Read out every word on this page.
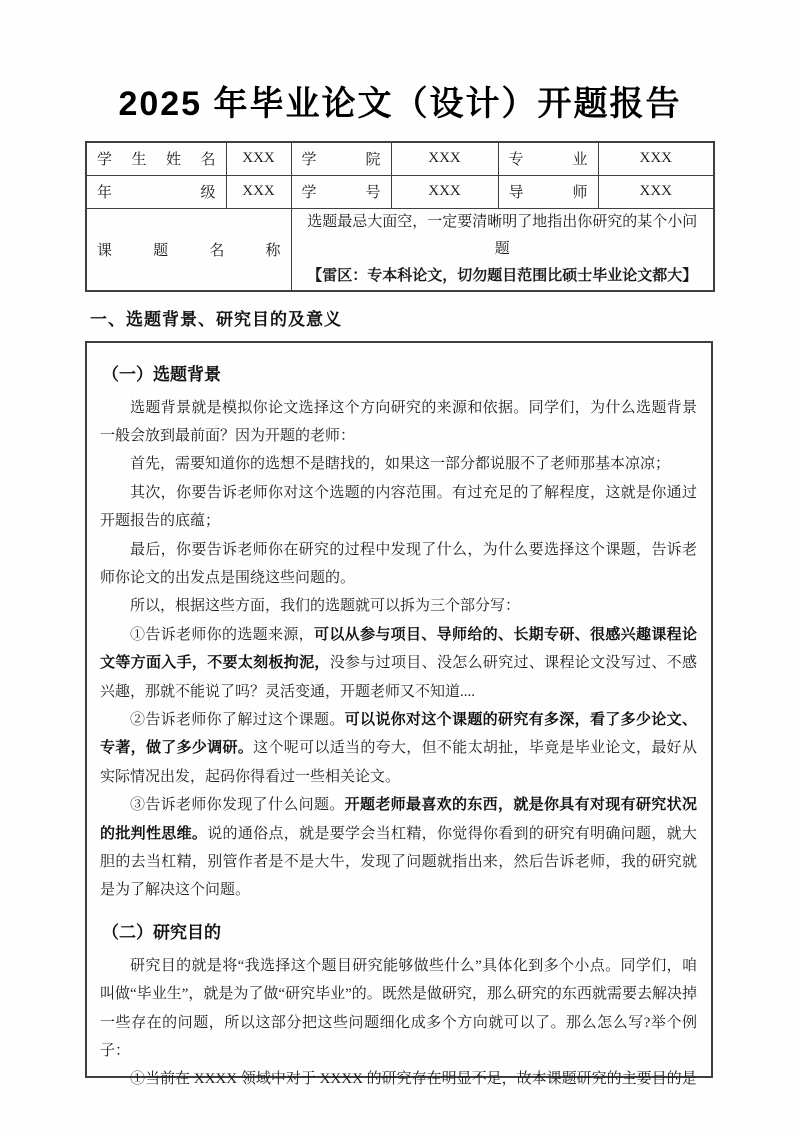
2025 年毕业论文（设计）开题报告
学生姓名	XXX	学院	XXX	专业	XXX
年级	XXX	学号	XXX	导师	XXX
课题名称		选题最忌大面空，一定要清晰明了地指出你研究的某个小问题
【雷区：专本科论文，切勿题目范围比硕士毕业论文都大】			
一、选题背景、研究目的及意义
（一）选题背景

选题背景就是模拟你论文选择这个方向研究的来源和依据。同学们，为什么选题背景一般会放到最前面？因为开题的老师：

首先，需要知道你的选想不是瞎找的，如果这一部分都说服不了老师那基本凉凉；

其次，你要告诉老师你对这个选题的内容范围。有过充足的了解程度，这就是你通过开题报告的底蕴；

最后，你要告诉老师你在研究的过程中发现了什么，为什么要选择这个课题，告诉老师你论文的出发点是围绕这些问题的。

所以，根据这些方面，我们的选题就可以拆为三个部分写：

①告诉老师你的选题来源，可以从参与项目、导师给的、长期专研、很感兴趣课程论文等方面入手，不要太刻板拘泥，没参与过项目、没怎么研究过、课程论文没写过、不感兴趣，那就不能说了吗？灵活变通，开题老师又不知道....

②告诉老师你了解过这个课题。可以说你对这个课题的研究有多深，看了多少论文、专著，做了多少调研。这个呢可以适当的夸大，但不能太胡扯，毕竟是毕业论文，最好从实际情况出发，起码你得看过一些相关论文。

③告诉老师你发现了什么问题。开题老师最喜欢的东西，就是你具有对现有研究状况的批判性思维。说的通俗点，就是要学会当杠精，你觉得你看到的研究有明确问题，就大胆的去当杠精，别管作者是不是大牛，发现了问题就指出来，然后告诉老师，我的研究就是为了解决这个问题。

（二）研究目的

研究目的就是将“我选择这个题目研究能够做些什么”具体化到多个小点。同学们，咱叫做“毕业生”，就是为了做“研究毕业”的。既然是做研究，那么研究的东西就需要去解决掉一些存在的问题，所以这部分把这些问题细化成多个方向就可以了。那么怎么写?举个例子：

①当前在 XXXX 领域中对于 XXXX 的研究存在明显不足，故本课题研究的主要目的是
